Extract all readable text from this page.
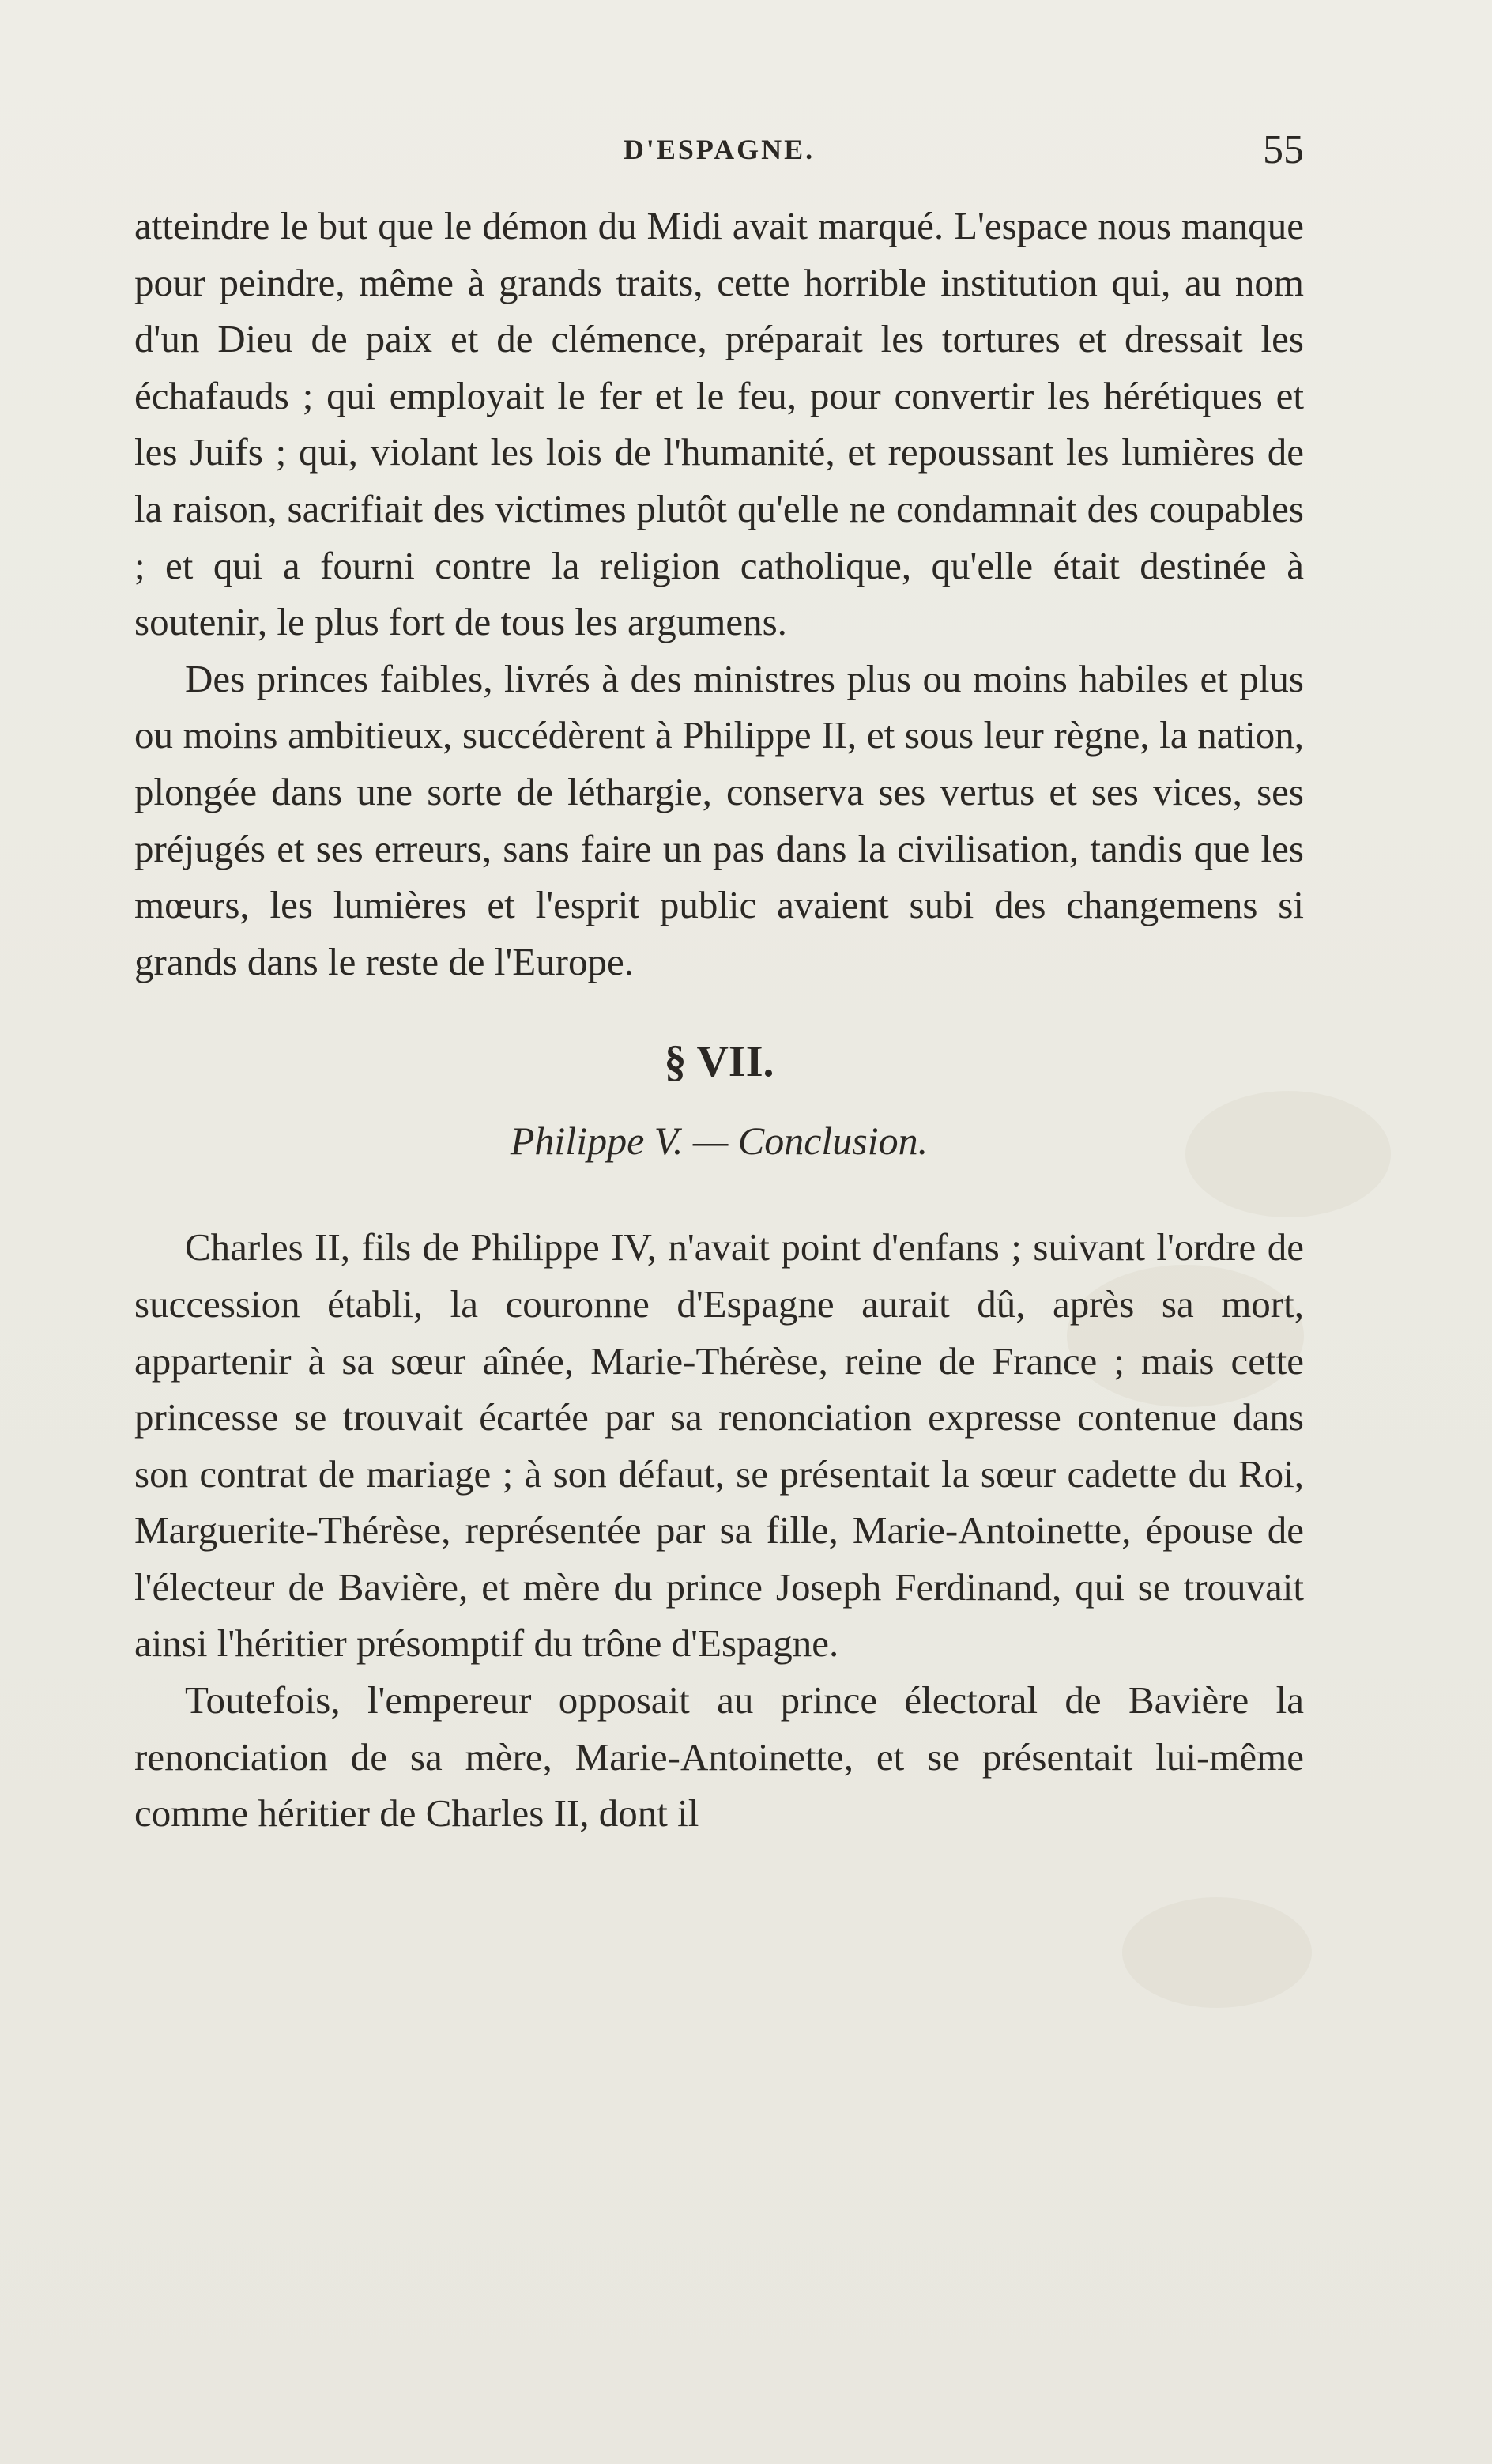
D'ESPAGNE.	55

atteindre le but que le démon du Midi avait marqué. L'espace nous manque pour peindre, même à grands traits, cette horrible institution qui, au nom d'un Dieu de paix et de clémence, préparait les tortures et dressait les échafauds ; qui employait le fer et le feu, pour convertir les hérétiques et les Juifs ; qui, violant les lois de l'humanité, et repoussant les lumières de la raison, sacrifiait des victimes plutôt qu'elle ne condamnait des coupables ; et qui a fourni contre la religion catholique, qu'elle était destinée à soutenir, le plus fort de tous les argumens.

Des princes faibles, livrés à des ministres plus ou moins habiles et plus ou moins ambitieux, succédèrent à Philippe II, et sous leur règne, la nation, plongée dans une sorte de léthargie, conserva ses vertus et ses vices, ses préjugés et ses erreurs, sans faire un pas dans la civilisation, tandis que les mœurs, les lumières et l'esprit public avaient subi des changemens si grands dans le reste de l'Europe.

§ VII.
Philippe V. — Conclusion.

Charles II, fils de Philippe IV, n'avait point d'enfans ; suivant l'ordre de succession établi, la couronne d'Espagne aurait dû, après sa mort, appartenir à sa sœur aînée, Marie-Thérèse, reine de France ; mais cette princesse se trouvait écartée par sa renonciation expresse contenue dans son contrat de mariage ; à son défaut, se présentait la sœur cadette du Roi, Marguerite-Thérèse, représentée par sa fille, Marie-Antoinette, épouse de l'électeur de Bavière, et mère du prince Joseph Ferdinand, qui se trouvait ainsi l'héritier présomptif du trône d'Espagne.

Toutefois, l'empereur opposait au prince électoral de Bavière la renonciation de sa mère, Marie-Antoinette, et se présentait lui-même comme héritier de Charles II, dont il
